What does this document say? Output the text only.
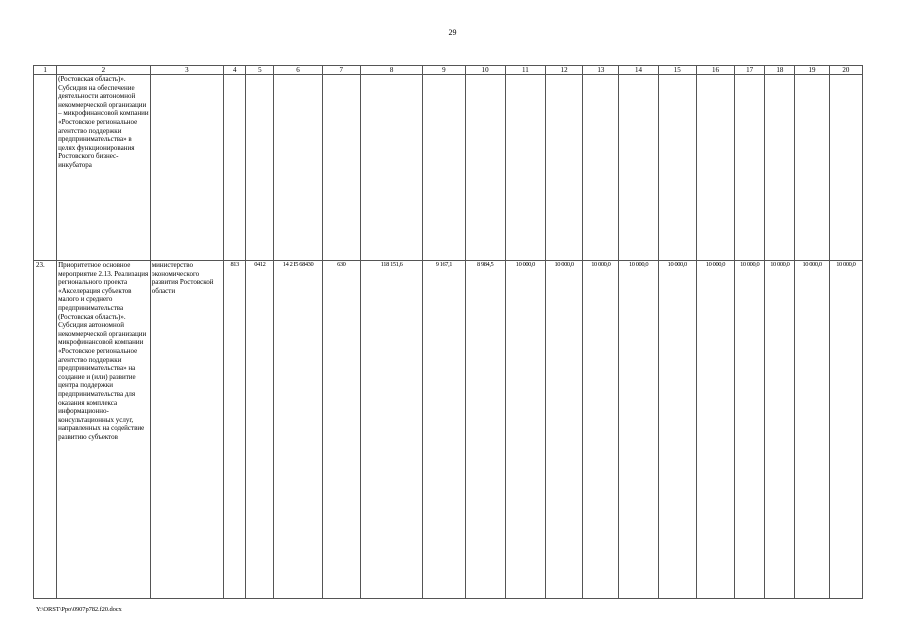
29
1	2	3	4	5	6	7	8	9	10	11	12	13	14	15	16	17	18	19	20
	(Ростовская область)». Субсидия на обеспечение деятельности автономной некоммерческой организации – микрофинансовой компании «Ростовское региональное агентство поддержки предпринимательства» в целях функционирования Ростовского бизнес-инкубатора																		
23.	Приоритетное основное мероприятие 2.13. Реализация регионального проекта «Акселерация субъектов малого и среднего предпринимательства (Ростовская область)». Субсидия автономной некоммерческой организации микрофинансовой компании «Ростовское региональное агентство поддержки предпринимательства» на создание и (или) развитие центра поддержки предпринимательства для оказания комплекса информационно-консультационных услуг, направленных на содействие развитию субъектов	министерство экономического развития Ростовской области	813	0412	14 2 I5 68430	630	118 151,6	9 167,1	8 984,5	10 000,0	10 000,0	10 000,0	10 000,0	10 000,0	10 000,0	10 000,0	10 000,0	10 000,0	10 000,0
Y:\ORST\Ppo\0907p782.f20.docx
